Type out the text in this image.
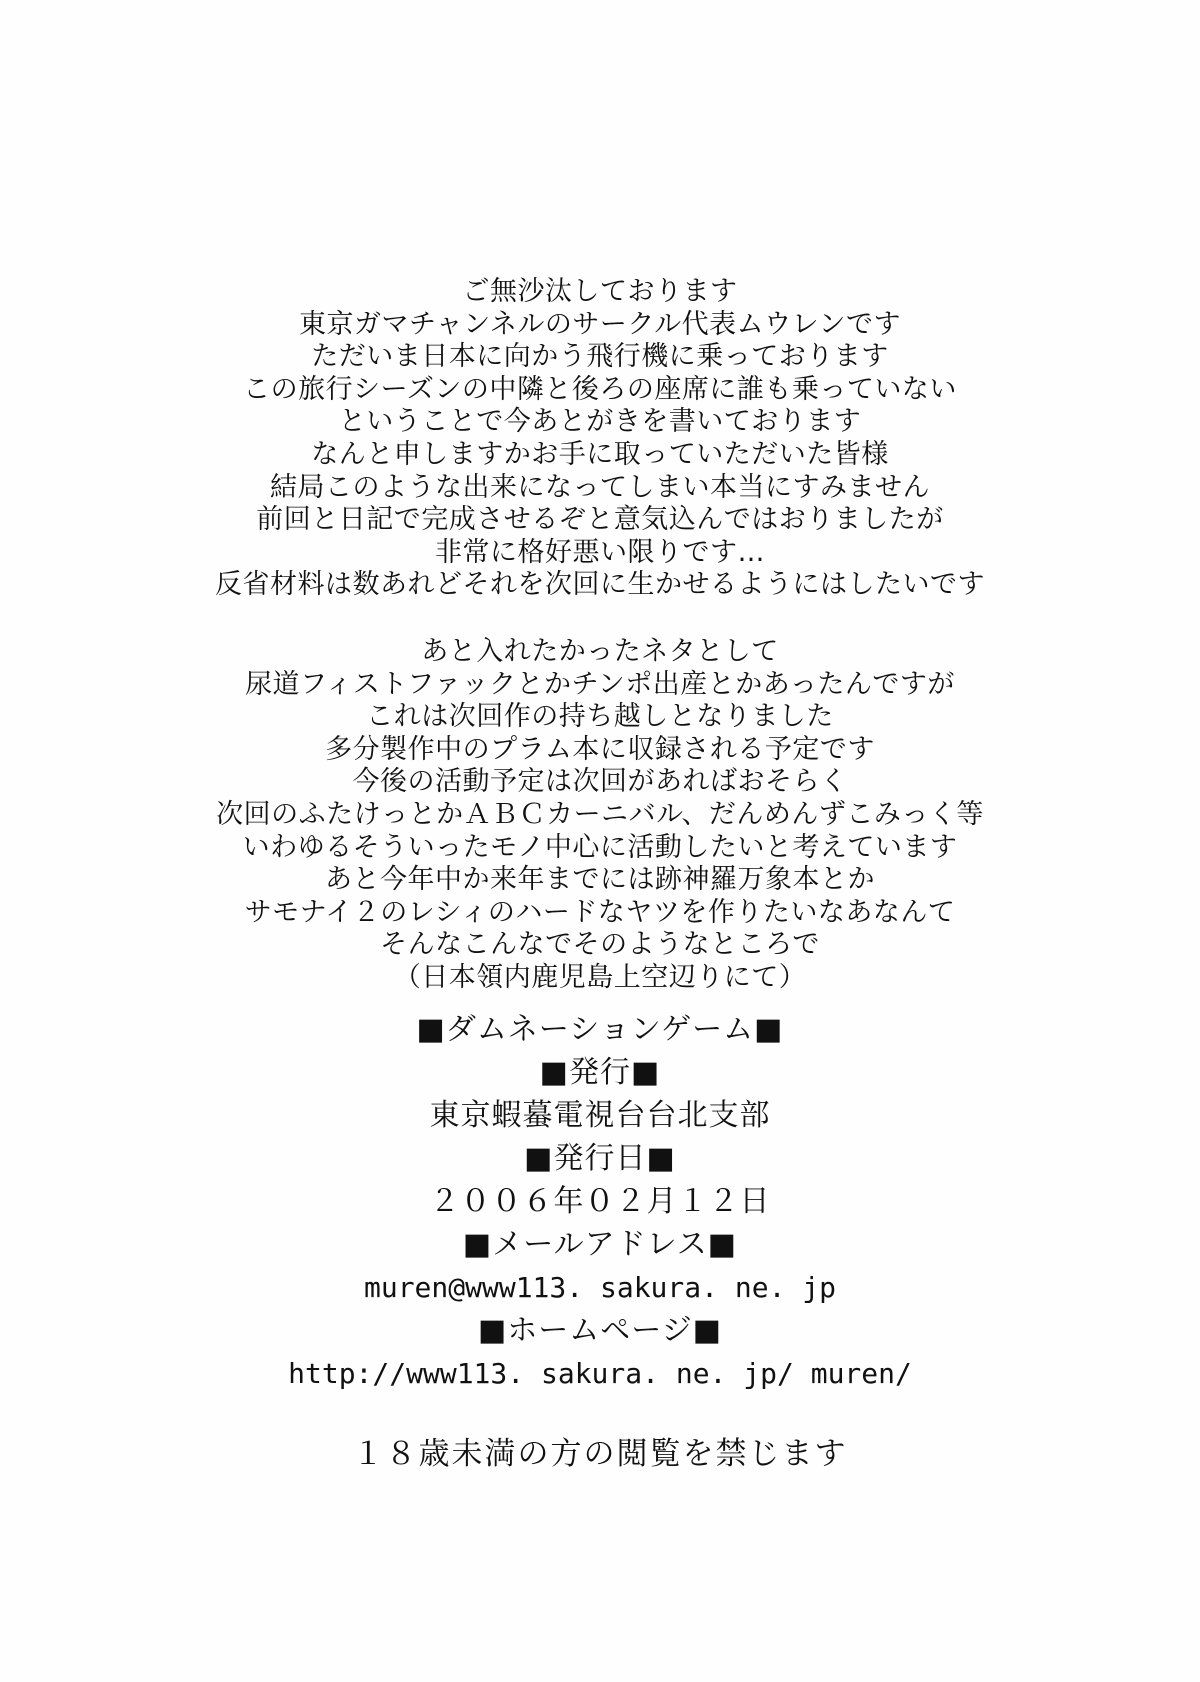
ご無沙汰しております
東京ガマチャンネルのサークル代表ムウレンです
ただいま日本に向かう飛行機に乗っております
この旅行シーズンの中隣と後ろの座席に誰も乗っていない
ということで今あとがきを書いております
なんと申しますかお手に取っていただいた皆様
結局このような出来になってしまい本当にすみません
前回と日記で完成させるぞと意気込んではおりましたが
非常に格好悪い限りです…
反省材料は数あれどそれを次回に生かせるようにはしたいです
あと入れたかったネタとして
尿道フィストファックとかチンポ出産とかあったんですが
これは次回作の持ち越しとなりました
多分製作中のプラム本に収録される予定です
今後の活動予定は次回があればおそらく
次回のふたけっとかＡＢＣカーニバル、だんめんずこみっく等
いわゆるそういったモノ中心に活動したいと考えています
あと今年中か来年までには跡神羅万象本とか
サモナイ２のレシィのハードなヤツを作りたいなあなんて
そんなこんなでそのようなところで
（日本領内鹿児島上空辺りにて）
■ダムネーションゲーム■
■発行■
東京蝦蟇電視台台北支部
■発行日■
２００６年０２月１２日
■メールアドレス■
muren@www113. sakura. ne. jp
■ホームページ■
http://www113. sakura. ne. jp/ muren/
１８歳未満の方の閲覧を禁じます
